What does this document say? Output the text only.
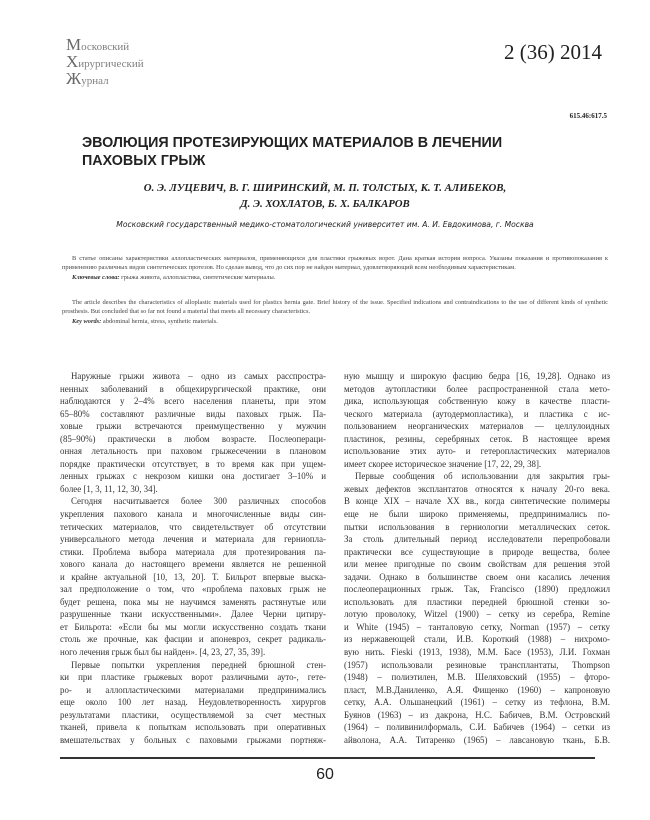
Московский
Хирургический
Журнал
2 (36) 2014
615.46:617.5
ЭВОЛЮЦИЯ ПРОТЕЗИРУЮЩИХ МАТЕРИАЛОВ В ЛЕЧЕНИИ
ПАХОВЫХ ГРЫЖ
О. Э. ЛУЦЕВИЧ, В. Г. ШИРИНСКИЙ, М. П. ТОЛСТЫХ, К. Т. АЛИБЕКОВ,
Д. Э. ХОХЛАТОВ, Б. Х. БАЛКАРОВ
Московский государственный медико-стоматологический университет им. А. И. Евдокимова, г. Москва

В статье описаны характеристики аллопластических материалов, применяющихся для пластики грыжевых ворот. Дана краткая история вопроса. Указаны показания и противопоказания к применению различных видов синтетических протезов. Но сделан вывод, что до сих пор не найден материал, удовлетворяющий всем необходимым характеристикам.

Ключевые слова: грыжа живота, аллопластика, синтетические материалы.

The article describes the characteristics of alloplastic materials used for plastics hernia gate. Brief history of the issue. Specified indications and contraindications to the use of different kinds of synthetic prosthesis. But concluded that so far not found a material that meets all necessary characteristics.

Key words: abdominal hernia, stress, synthetic materials.

Наружные грыжи живота – одно из самых расспростра-
ненных заболеваний в общехирургической практике, они
наблюдаются у 2–4% всего населения планеты, при этом
65–80% составляют различные виды паховых грыж. Па-
ховые грыжи встречаются преимущественно у мужчин
(85–90%) практически в любом возрасте. Послеопераци-
онная летальность при паховом грыжесечении в плановом
порядке практически отсутствует, в то время как при ущем-
ленных грыжах с некрозом кишки она достигает 3–10% и
более [1, 3, 11, 12, 30, 34].
Сегодня насчитывается более 300 различных способов
укрепления пахового канала и многочисленные виды син-
тетических материалов, что свидетельствует об отсутствии
универсального метода лечения и материала для герниопла-
стики. Проблема выбора материала для протезирования па-
хового канала до настоящего времени является не решенной
и крайне актуальной [10, 13, 20]. Т. Бильрот впервые выска-
зал предположение о том, что «проблема паховых грыж не
будет решена, пока мы не научимся заменять растянутые или
разрушенные ткани искусственными». Далее Черни цитиру-
ет Бильрота: «Если бы мы могли искусственно создать ткани
столь же прочные, как фасции и апоневроз, секрет радикаль-
ного лечения грыж был бы найден». [4, 23, 27, 35, 39].
Первые попытки укрепления передней брюшной стен-
ки при пластике грыжевых ворот различными ауто-, гете-
ро- и аллопластическими материалами предпринимались
еще около 100 лет назад. Неудовлетворенность хирургов
результатами пластики, осуществляемой за счет местных
тканей, привела к попыткам использовать при оперативных
вмешательствах у больных с паховыми грыжами портняж-
ную мышцу и широкую фасцию бедра [16, 19,28]. Однако из
методов аутопластики более распространенной стала мето-
дика, использующая собственную кожу в качестве пласти-
ческого материала (аутодермопластика), и пластика с ис-
пользованием неорганических материалов — целлулоидных
пластинок, резины, серебряных сеток. В настоящее время
использование этих ауто- и гетеропластических материалов
имеет скорее историческое значение [17, 22, 29, 38].
Первые сообщения об использовании для закрытия гры-
жевых дефектов эксплантатов относятся к началу 20-го века.
В конце XIX – начале XX вв., когда синтетические полимеры
еще не были широко применяемы, предпринимались по-
пытки использования в герниологии металлических сеток.
За столь длительный период исследователи перепробовали
практически все существующие в природе вещества, более
или менее пригодные по своим свойствам для решения этой
задачи. Однако в большинстве своем они касались лечения
послеоперационных грыж. Так, Francisco (1890) предложил
использовать для пластики передней брюшной стенки зо-
лотую проволоку, Witzel (1900) – сетку из серебра, Remine
и White (1945) – танталовую сетку, Norman (1957) – сетку
из нержавеющей стали, И.В. Короткий (1988) – нихромо-
вую нить. Fieski (1913, 1938), М.М. Басе (1953), Л.И. Гохман
(1957) использовали резиновые трансплантаты, Thompson
(1948) – полиэтилен, М.В. Шеляховский (1955) – фторо-
пласт, М.В.Даниленко, А.Я. Фищенко (1960) – капроновую
сетку, А.А. Ольшанецкий (1961) – сетку из тефлона, В.М.
Буянов (1963) – из дакрона, Н.С. Бабичев, В.М. Островский
(1964) – поливинилформаль, С.И. Бабичев (1964) – сетки из
айволона, А.А. Титаренко (1965) – лавсановую ткань, Б.В.
60
